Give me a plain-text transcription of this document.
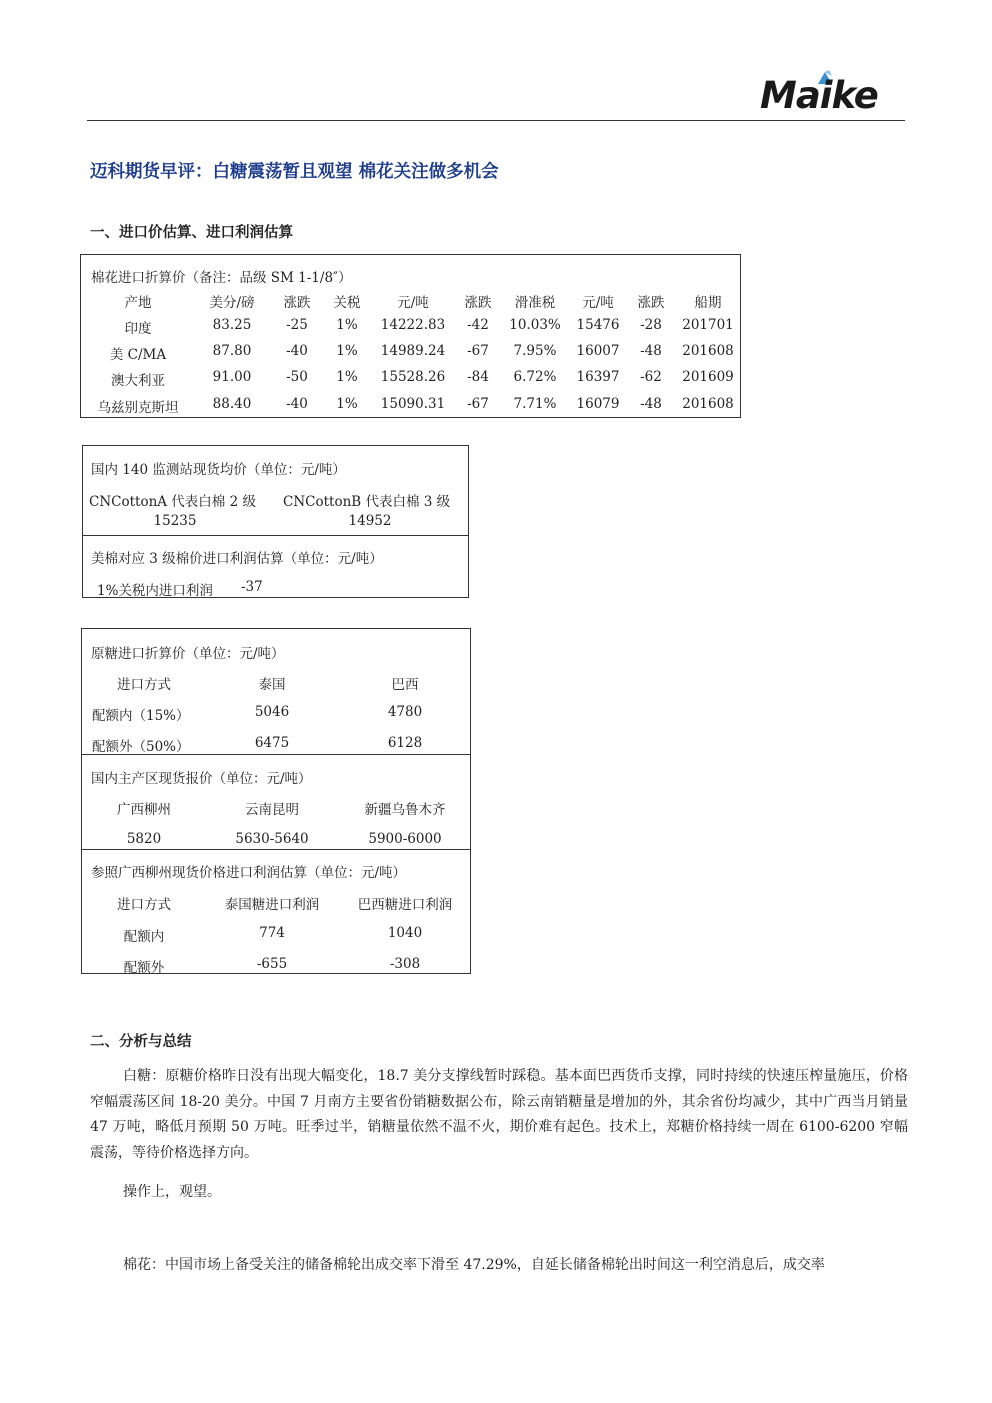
Maike
迈科期货早评：白糖震荡暂且观望 棉花关注做多机会
一、进口价估算、进口利润估算
棉花进口折算价（备注：品级 SM 1-1/8″）
产地	美分/磅 涨跌 关税	元/吨	涨跌 滑准税 元/吨 涨跌 船期
印度	83.25	-25 1% 14222.83 -42 10.03% 15476 -28 201701
美 C/MA	87.80	-40 1% 14989.24 -67 7.95% 16007 -48 201608
澳大利亚	91.00	-50 1% 15528.26 -84 6.72% 16397 -62 201609
乌兹别克斯坦	88.40	-40 1% 15090.31 -67 7.71% 16079 -48 201608
国内 140 监测站现货均价（单位：元/吨）
CNCottonA 代表白棉 2 级 CNCottonB 代表白棉 3 级
15235	14952
美棉对应 3 级棉价进口利润估算（单位：元/吨）
1%关税内进口利润 -37
原糖进口折算价（单位：元/吨）
进口方式	泰国	巴西
配额内（15%）	5046	4780
配额外（50%）	6475	6128
国内主产区现货报价（单位：元/吨）
广西柳州	云南昆明	新疆乌鲁木齐
5820	5630-5640	5900-6000
参照广西柳州现货价格进口利润估算（单位：元/吨）
进口方式	泰国糖进口利润	巴西糖进口利润
配额内	774	1040
配额外	-655	-308
二、分析与总结
白糖：原糖价格昨日没有出现大幅变化，18.7 美分支撑线暂时踩稳。基本面巴西货币支撑，同时持续的快速压榨量施压，价格窄幅震荡区间 18-20 美分。中国 7 月南方主要省份销糖数据公布，除云南销糖量是增加的外，其余省份均减少，其中广西当月销量 47 万吨，略低月预期 50 万吨。旺季过半，销糖量依然不温不火，期价难有起色。技术上，郑糖价格持续一周在 6100-6200 窄幅震荡，等待价格选择方向。
操作上，观望。
棉花：中国市场上备受关注的储备棉轮出成交率下滑至 47.29%，自延长储备棉轮出时间这一利空消息后，成交率
